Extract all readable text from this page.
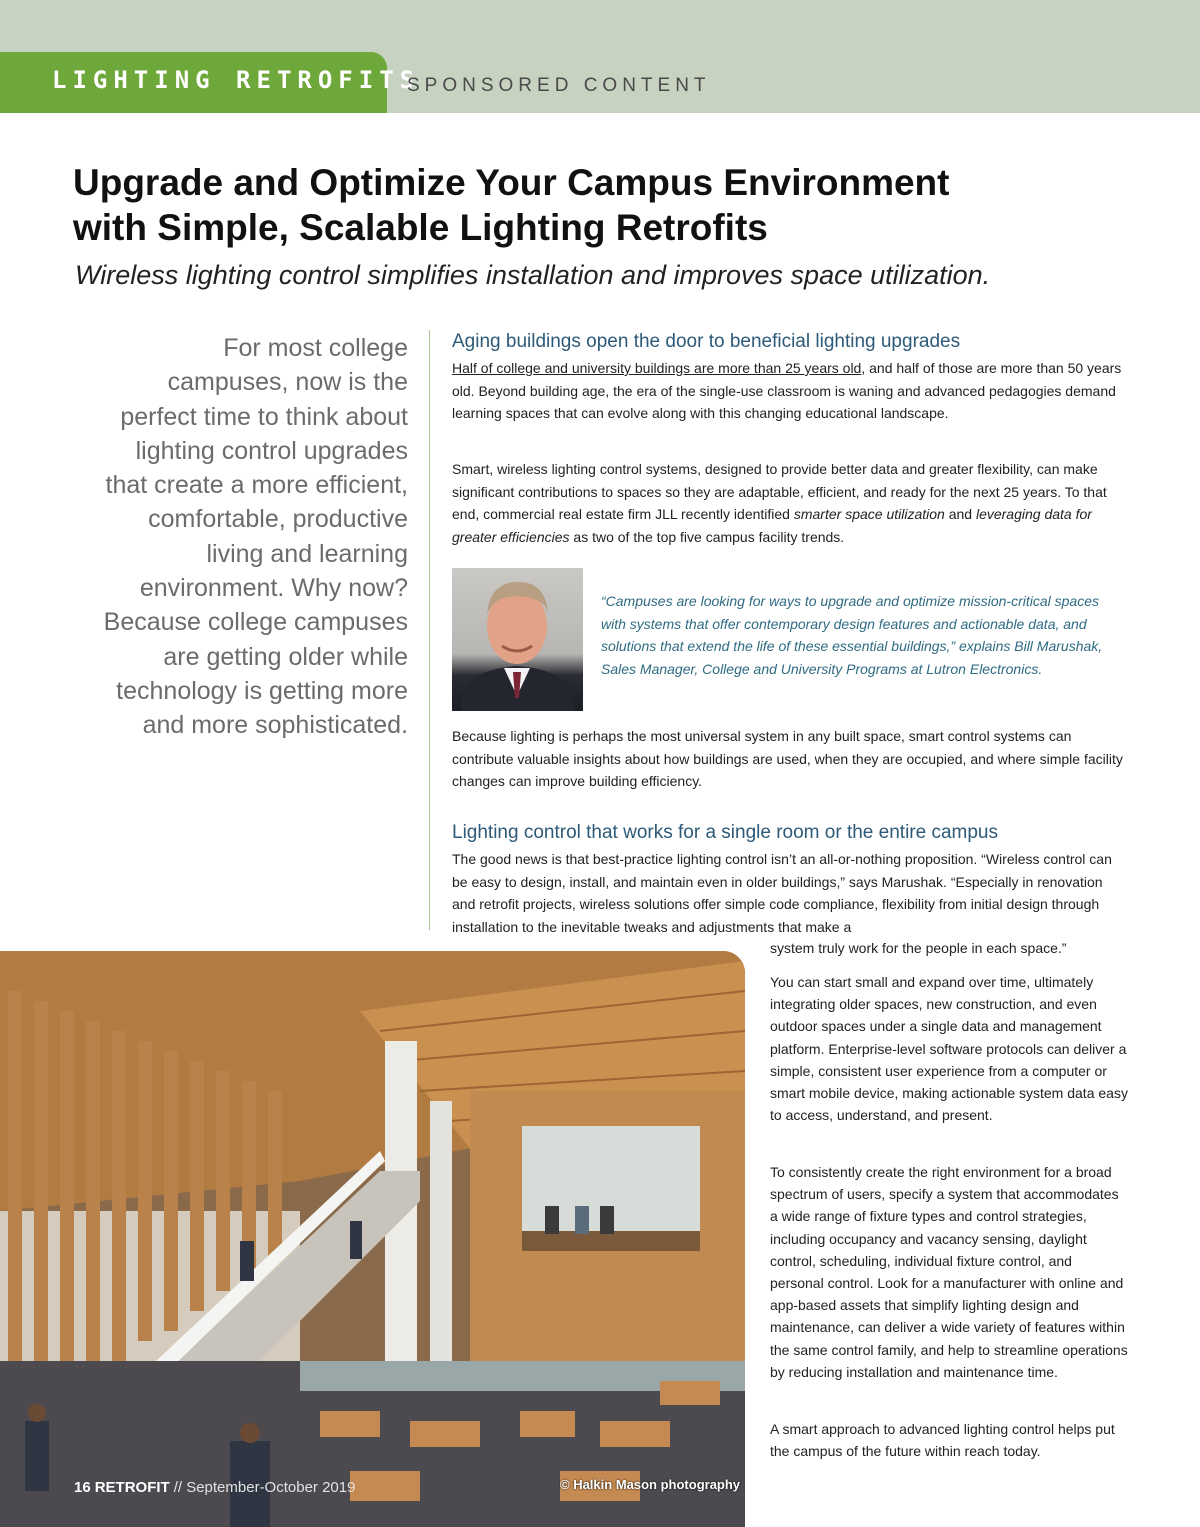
LIGHTING RETROFITS
SPONSORED CONTENT
Upgrade and Optimize Your Campus Environment
with Simple, Scalable Lighting Retrofits

Wireless lighting control simplifies installation and improves space utilization.

For most college campuses, now is the perfect time to think about lighting control upgrades that create a more efficient, comfortable, productive living and learning environment. Why now? Because college campuses are getting older while technology is getting more and more sophisticated.

Aging buildings open the door to beneficial lighting upgrades

Half of college and university buildings are more than 25 years old, and half of those are more than 50 years old. Beyond building age, the era of the single-use classroom is waning and advanced pedagogies demand learning spaces that can evolve along with this changing educational landscape.

Smart, wireless lighting control systems, designed to provide better data and greater flexibility, can make significant contributions to spaces so they are adaptable, efficient, and ready for the next 25 years. To that end, commercial real estate firm JLL recently identified smarter space utilization and leveraging data for greater efficiencies as two of the top five campus facility trends.

“Campuses are looking for ways to upgrade and optimize mission-critical spaces with systems that offer contemporary design features and actionable data, and solutions that extend the life of these essential buildings,” explains Bill Marushak, Sales Manager, College and University Programs at Lutron Electronics.

Because lighting is perhaps the most universal system in any built space, smart control systems can contribute valuable insights about how buildings are used, when they are occupied, and where simple facility changes can improve building efficiency.

Lighting control that works for a single room or the entire campus

The good news is that best-practice lighting control isn’t an all-or-nothing proposition. “Wireless control can be easy to design, install, and maintain even in older buildings,” says Marushak. “Especially in renovation and retrofit projects, wireless solutions offer simple code compliance, flexibility from initial design through installation to the inevitable tweaks and adjustments that make a

system truly work for the people in each space.”

You can start small and expand over time, ultimately integrating older spaces, new construction, and even outdoor spaces under a single data and management platform. Enterprise-level software protocols can deliver a simple, consistent user experience from a computer or smart mobile device, making actionable system data easy to access, understand, and present.

To consistently create the right environment for a broad spectrum of users, specify a system that accommodates a wide range of fixture types and control strategies, including occupancy and vacancy sensing, daylight control, scheduling, individual fixture control, and personal control. Look for a manufacturer with online and app-based assets that simplify lighting design and maintenance, can deliver a wide variety of features within the same control family, and help to streamline operations by reducing installation and maintenance time.

A smart approach to advanced lighting control helps put the campus of the future within reach today.

16 RETROFIT // September-October 2019	© Halkin Mason photography
